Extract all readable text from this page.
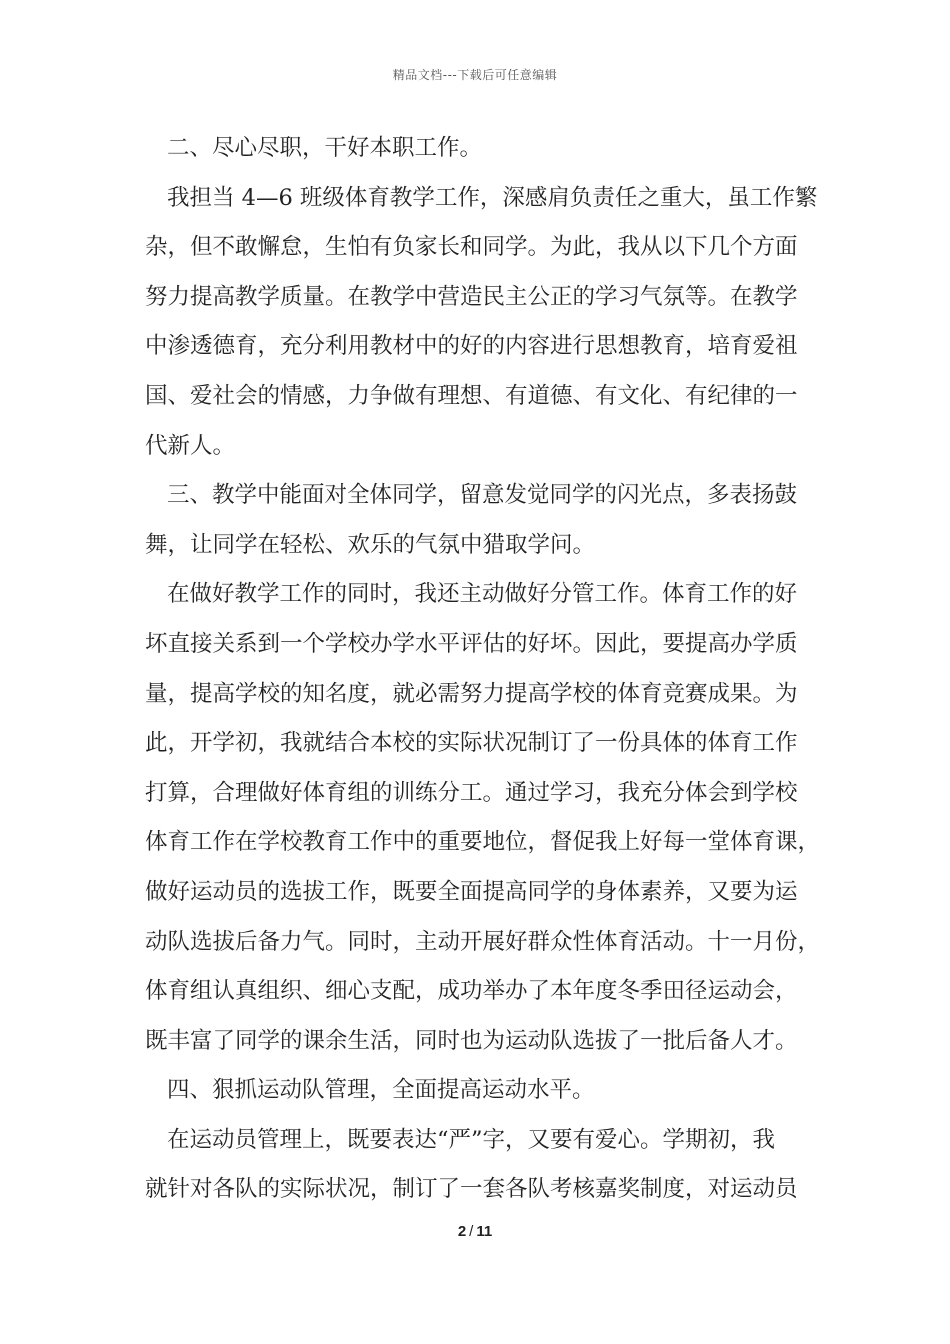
精品文档---下载后可任意编辑
二、尽心尽职，干好本职工作。
我担当 4—6 班级体育教学工作，深感肩负责任之重大，虽工作繁
杂，但不敢懈怠，生怕有负家长和同学。为此，我从以下几个方面
努力提高教学质量。在教学中营造民主公正的学习气氛等。在教学
中渗透德育，充分利用教材中的好的内容进行思想教育，培育爱祖
国、爱社会的情感，力争做有理想、有道德、有文化、有纪律的一
代新人。
三、教学中能面对全体同学，留意发觉同学的闪光点，多表扬鼓
舞，让同学在轻松、欢乐的气氛中猎取学问。
在做好教学工作的同时，我还主动做好分管工作。体育工作的好
坏直接关系到一个学校办学水平评估的好坏。因此，要提高办学质
量，提高学校的知名度，就必需努力提高学校的体育竞赛成果。为
此，开学初，我就结合本校的实际状况制订了一份具体的体育工作
打算，合理做好体育组的训练分工。通过学习，我充分体会到学校
体育工作在学校教育工作中的重要地位，督促我上好每一堂体育课，
做好运动员的选拔工作，既要全面提高同学的身体素养，又要为运
动队选拔后备力气。同时，主动开展好群众性体育活动。十一月份，
体育组认真组织、细心支配，成功举办了本年度冬季田径运动会，
既丰富了同学的课余生活，同时也为运动队选拔了一批后备人才。
四、狠抓运动队管理，全面提高运动水平。
在运动员管理上，既要表达“严”字，又要有爱心。学期初，我
就针对各队的实际状况，制订了一套各队考核嘉奖制度，对运动员
2 / 11
